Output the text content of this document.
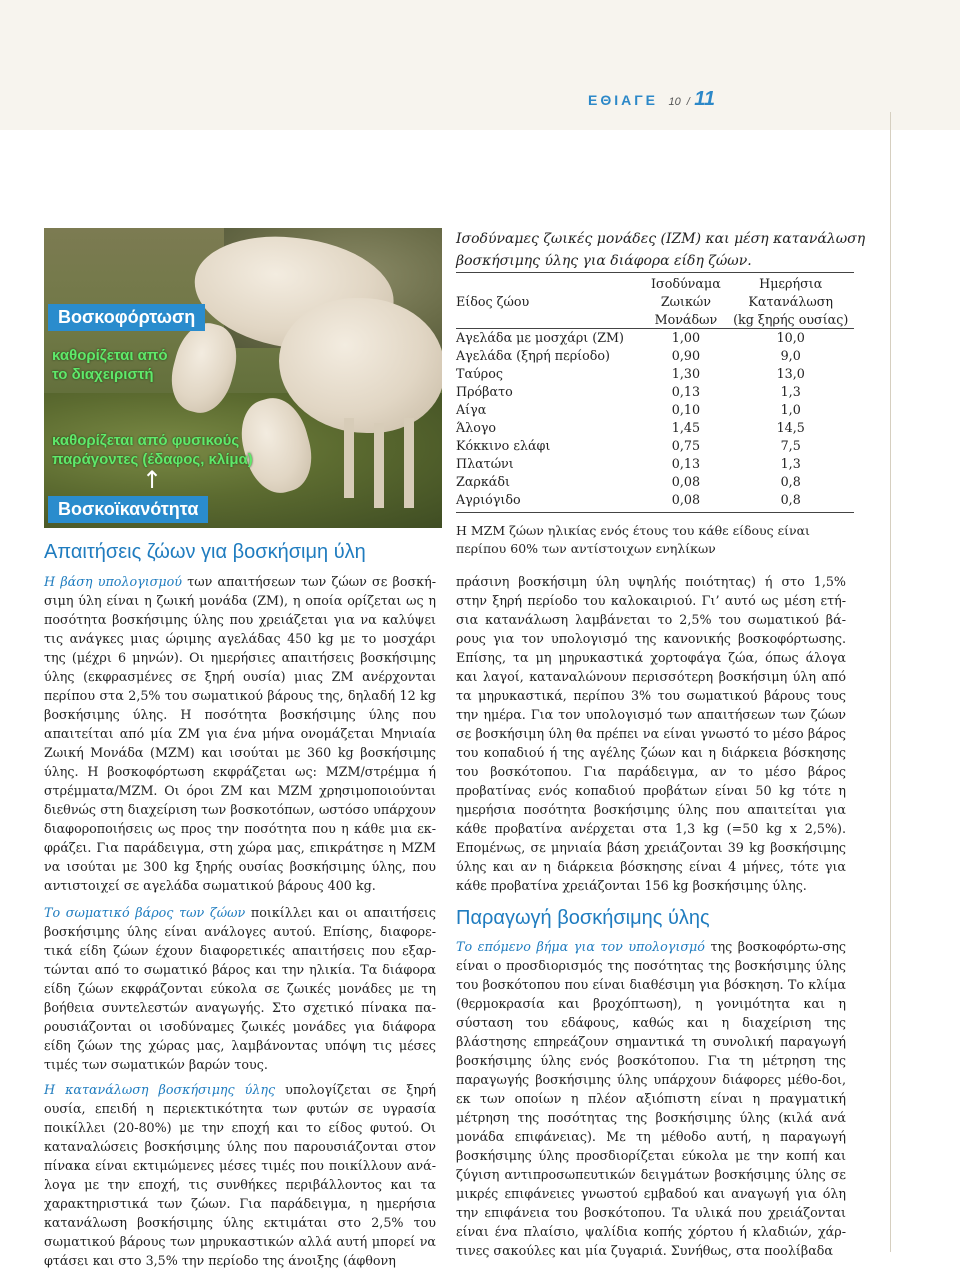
ΕΘΙΑΓΕ 10 / 11
Βοσκοφόρτωση
καθορίζεται από
το διαχειριστή
καθορίζεται από φυσικούς
παράγοντες (έδαφος, κλίμα)
↑
Βοσκοϊκανότητα
Απαιτήσεις ζώων για βοσκήσιμη ύλη

Η βάση υπολογισμού των απαιτήσεων των ζώων σε βοσκή-σιμη ύλη είναι η ζωική μονάδα (ΖΜ), η οποία ορίζεται ως η ποσότητα βοσκήσιμης ύλης που χρειάζεται για να καλύψει τις ανάγκες μιας ώριμης αγελάδας 450 kg με το μοσχάρι της (μέχρι 6 μηνών). Οι ημερήσιες απαιτήσεις βοσκήσιμης ύλης (εκφρασμένες σε ξηρή ουσία) μιας ΖΜ ανέρχονται περίπου στα 2,5% του σωματικού βάρους της, δηλαδή 12 kg βοσκήσιμης ύλης. Η ποσότητα βοσκήσιμης ύλης που απαιτείται από μία ΖΜ για ένα μήνα ονομάζεται Μηνιαία Ζωική Μονάδα (ΜΖΜ) και ισούται με 360 kg βοσκήσιμης ύλης. Η βοσκοφόρτωση εκφράζεται ως: ΜΖΜ/στρέμμα ή στρέμματα/ΜΖΜ. Οι όροι ΖΜ και ΜΖΜ χρησιμοποιούνται διεθνώς στη διαχείριση των βοσκοτόπων, ωστόσο υπάρχουν διαφοροποιήσεις ως προς την ποσότητα που η κάθε μια εκ-φράζει. Για παράδειγμα, στη χώρα μας, επικράτησε η ΜΖΜ να ισούται με 300 kg ξηρής ουσίας βοσκήσιμης ύλης, που αντιστοιχεί σε αγελάδα σωματικού βάρους 400 kg.

Το σωματικό βάρος των ζώων ποικίλλει και οι απαιτήσεις βοσκήσιμης ύλης είναι ανάλογες αυτού. Επίσης, διαφορε-τικά είδη ζώων έχουν διαφορετικές απαιτήσεις που εξαρ-τώνται από το σωματικό βάρος και την ηλικία. Τα διάφορα είδη ζώων εκφράζονται εύκολα σε ζωικές μονάδες με τη βοήθεια συντελεστών αναγωγής. Στο σχετικό πίνακα πα-ρουσιάζονται οι ισοδύναμες ζωικές μονάδες για διάφορα είδη ζώων της χώρας μας, λαμβάνοντας υπόψη τις μέσες τιμές των σωματικών βαρών τους.

Η κατανάλωση βοσκήσιμης ύλης υπολογίζεται σε ξηρή ουσία, επειδή η περιεκτικότητα των φυτών σε υγρασία ποικίλλει (20-80%) με την εποχή και το είδος φυτού. Οι καταναλώσεις βοσκήσιμης ύλης που παρουσιάζονται στον πίνακα είναι εκτιμώμενες μέσες τιμές που ποικίλλουν ανά-λογα με την εποχή, τις συνθήκες περιβάλλοντος και τα χαρακτηριστικά των ζώων. Για παράδειγμα, η ημερήσια κατανάλωση βοσκήσιμης ύλης εκτιμάται στο 2,5% του σωματικού βάρους των μηρυκαστικών αλλά αυτή μπορεί να φτάσει και στο 3,5% την περίοδο της άνοιξης (άφθονη

Ισοδύναμες ζωικές μονάδες (ΙΖΜ) και μέση κατανάλωση βοσκήσιμης ύλης για διάφορα είδη ζώων.
	Ισοδύναμα	Ημερήσια
Είδος ζώου	Ζωικών	Κατανάλωση
	Μονάδων	(kg ξηρής ουσίας)
Αγελάδα με μοσχάρι (ΖΜ)	1,00	10,0
Αγελάδα (ξηρή περίοδο)	0,90	9,0
Ταύρος	1,30	13,0
Πρόβατο	0,13	1,3
Αίγα	0,10	1,0
Άλογο	1,45	14,5
Κόκκινο ελάφι	0,75	7,5
Πλατώνι	0,13	1,3
Ζαρκάδι	0,08	0,8
Αγριόγιδο	0,08	0,8
Η ΜΖΜ ζώων ηλικίας ενός έτους του κάθε είδους είναι περίπου 60% των αντίστοιχων ενηλίκων

πράσινη βοσκήσιμη ύλη υψηλής ποιότητας) ή στο 1,5% στην ξηρή περίοδο του καλοκαιριού. Γι’ αυτό ως μέση ετή-σια κατανάλωση λαμβάνεται το 2,5% του σωματικού βά-ρους για τον υπολογισμό της κανονικής βοσκοφόρτωσης. Επίσης, τα μη μηρυκαστικά χορτοφάγα ζώα, όπως άλογα και λαγοί, καταναλώνουν περισσότερη βοσκήσιμη ύλη από τα μηρυκαστικά, περίπου 3% του σωματικού βάρους τους την ημέρα. Για τον υπολογισμό των απαιτήσεων των ζώων σε βοσκήσιμη ύλη θα πρέπει να είναι γνωστό το μέσο βάρος του κοπαδιού ή της αγέλης ζώων και η διάρκεια βόσκησης του βοσκότοπου. Για παράδειγμα, αν το μέσο βάρος προβατίνας ενός κοπαδιού προβάτων είναι 50 kg τότε η ημερήσια ποσότητα βοσκήσιμης ύλης που απαιτείται για κάθε προβατίνα ανέρχεται στα 1,3 kg (=50 kg x 2,5%). Επομένως, σε μηνιαία βάση χρειάζονται 39 kg βοσκήσιμης ύλης και αν η διάρκεια βόσκησης είναι 4 μήνες, τότε για κάθε προβατίνα χρειάζονται 156 kg βοσκήσιμης ύλης.

Παραγωγή βοσκήσιμης ύλης

Το επόμενο βήμα για τον υπολογισμό της βοσκοφόρτω-σης είναι ο προσδιορισμός της ποσότητας της βοσκήσιμης ύλης του βοσκότοπου που είναι διαθέσιμη για βόσκηση. Το κλίμα (θερμοκρασία και βροχόπτωση), η γονιμότητα και η σύσταση του εδάφους, καθώς και η διαχείριση της βλάστησης επηρεάζουν σημαντικά τη συνολική παραγωγή βοσκήσιμης ύλης ενός βοσκότοπου. Για τη μέτρηση της παραγωγής βοσκήσιμης ύλης υπάρχουν διάφορες μέθο-δοι, εκ των οποίων η πλέον αξιόπιστη είναι η πραγματική μέτρηση της ποσότητας της βοσκήσιμης ύλης (κιλά ανά μονάδα επιφάνειας). Με τη μέθοδο αυτή, η παραγωγή βοσκήσιμης ύλης προσδιορίζεται εύκολα με την κοπή και ζύγιση αντιπροσωπευτικών δειγμάτων βοσκήσιμης ύλης σε μικρές επιφάνειες γνωστού εμβαδού και αναγωγή για όλη την επιφάνεια του βοσκότοπου. Τα υλικά που χρειάζονται είναι ένα πλαίσιο, ψαλίδια κοπής χόρτου ή κλαδιών, χάρ-τινες σακούλες και μία ζυγαριά. Συνήθως, στα ποολίβαδα
